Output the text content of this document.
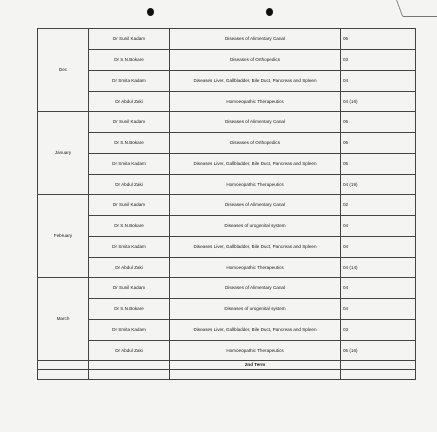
Dec	Dr Sunil Kadam	Diseases of Alimentary Canal	05
	Dr S.N.Bokare	Diseases of Orthopedics	03
	Dr Smita Kadam	Diseases Liver, Gallbladder, Bile Duct, Pancreas and Spleen	04
	Dr Abdul Zaki	Homoeopathic Therapeutics	04 (16)
January	Dr Sunil Kadam	Diseases of Alimentary Canal	05
	Dr S.N.Bokare	Diseases of Orthopedics	05
	Dr Smita Kadam	Diseases Liver, Gallbladder, Bile Duct, Pancreas and Spleen	05
	Dr Abdul Zaki	Homoeopathic Therapeutics	04 (19)
February	Dr Sunil Kadam	Diseases of Alimentary Canal	02
	Dr S.N.Bokare	Diseases of urogenital system	04
	Dr Smita Kadam	Diseases Liver, Gallbladder, Bile Duct, Pancreas and Spleen	04
	Dr Abdul Zaki	Homoeopathic Therapeutics	04 (14)
March	Dr Sunil Kadam	Diseases of Alimentary Canal	04
	Dr S.N.Bokare	Diseases of urogenital system	04
	Dr Smita Kadam	Diseases Liver, Gallbladder, Bile Duct, Pancreas and Spleen	03
	Dr Abdul Zaki	Homoeopathic Therapeutics	05 (16)
		2nd Term	
